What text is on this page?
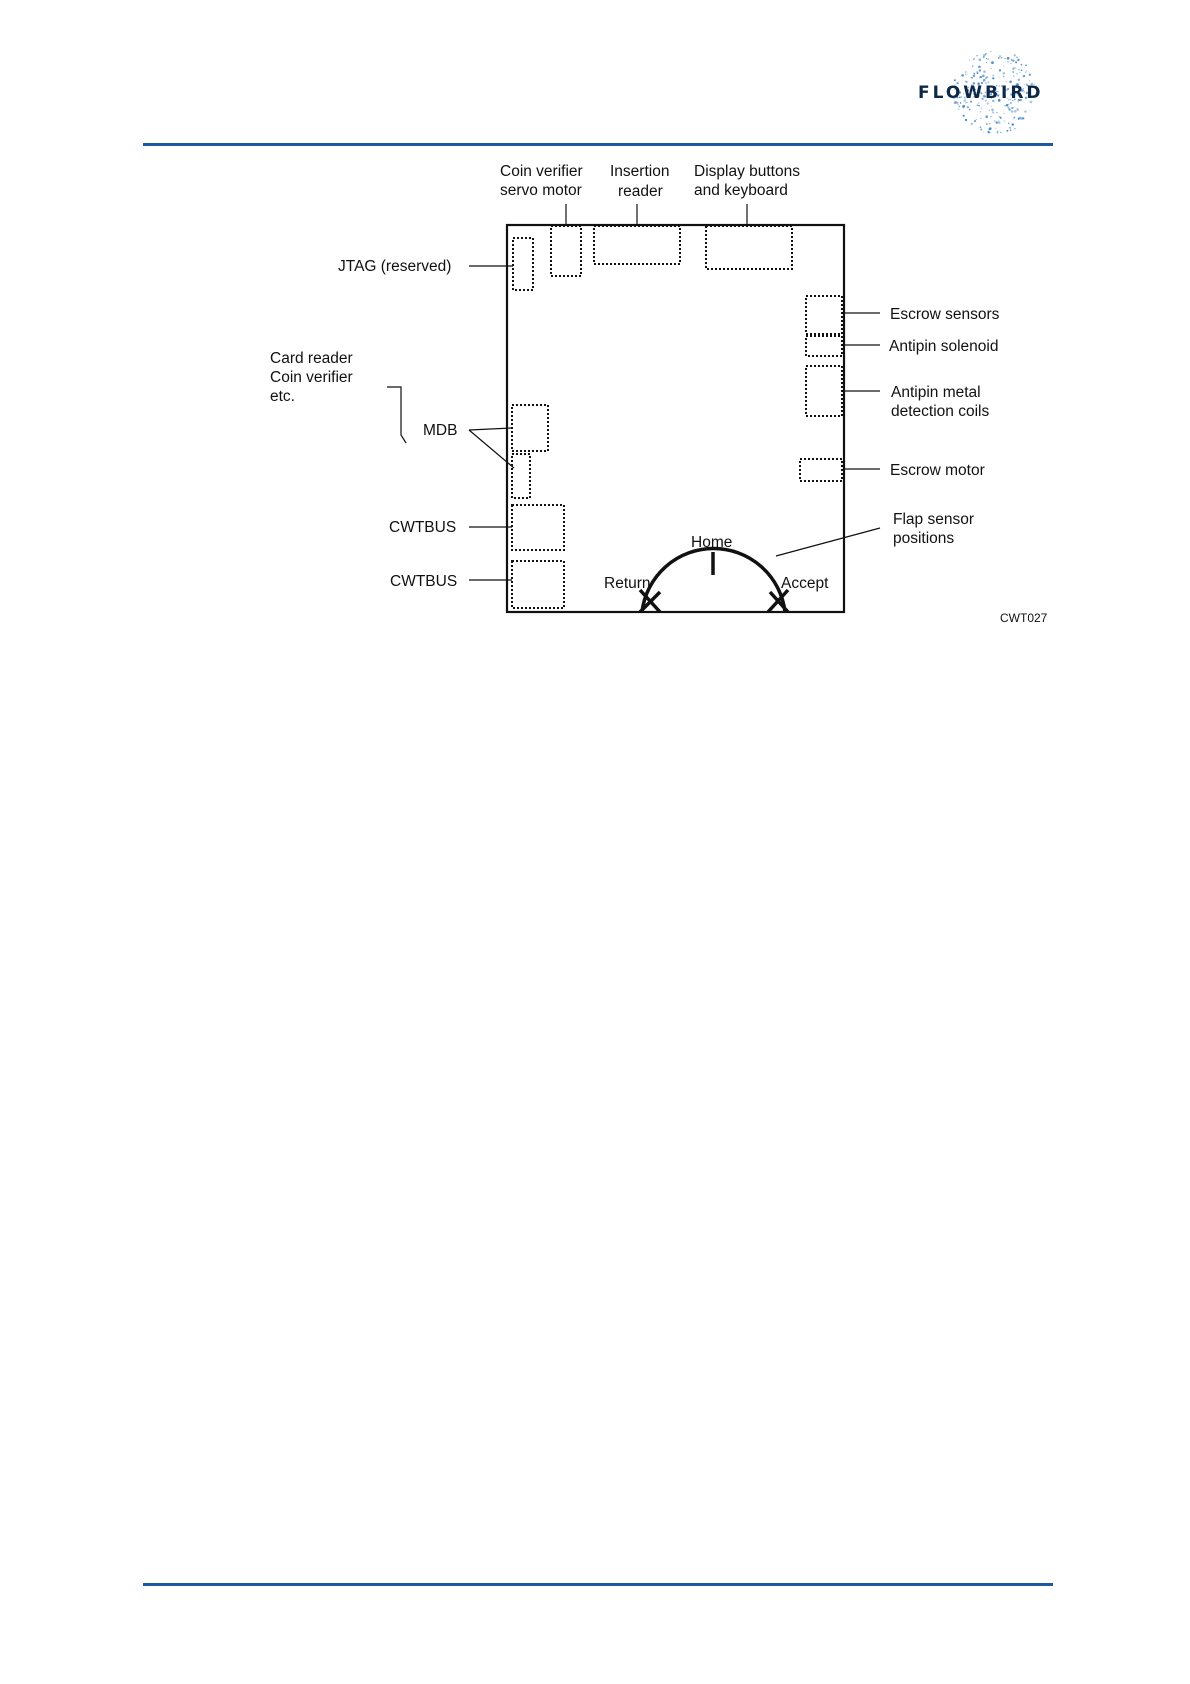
FLOWBIRD
Coin verifier
servo motor
Insertion
reader
Display buttons
and keyboard
JTAG (reserved)
Card reader
Coin verifier
etc.
MDB
CWTBUS
CWTBUS
Escrow sensors
Antipin solenoid
Antipin metal
detection coils
Escrow motor
Flap sensor
positions
Home
Return	Accept
CWT027
